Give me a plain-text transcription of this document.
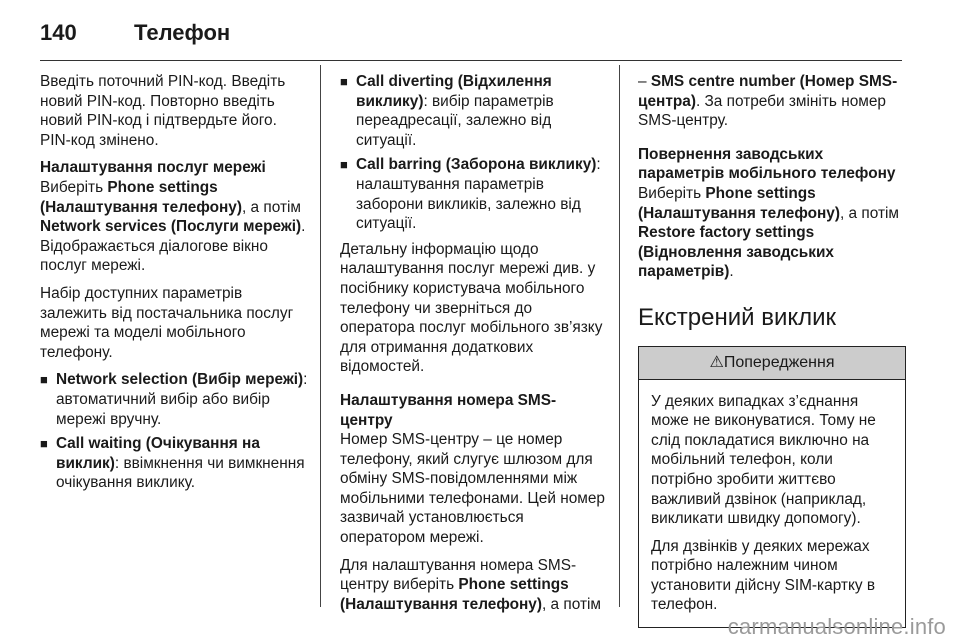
140	Телефон

Введіть поточний PIN-код. Введіть новий PIN-код. Повторно введіть новий PIN-код і підтвердьте його. PIN-код змінено.

Налаштування послуг мережі

Виберіть Phone settings (Налаштування телефону), а потім Network services (Послуги мережі). Відображається діалогове вікно послуг мережі.

Набір доступних параметрів залежить від постачальника послуг мережі та моделі мобільного телефону.

■ Network selection (Вибір мережі): автоматичний вибір або вибір мережі вручну.
■ Call waiting (Очікування на виклик): ввімкнення чи вимкнення очікування виклику.
■ Call diverting (Відхилення виклику): вибір параметрів переадресації, залежно від ситуації.
■ Call barring (Заборона виклику): налаштування параметрів заборони викликів, залежно від ситуації.

Детальну інформацію щодо налаштування послуг мережі див. у посібнику користувача мобільного телефону чи зверніться до оператора послуг мобільного зв’язку для отримання додаткових відомостей.

Налаштування номера SMS-центру

Номер SMS-центру – це номер телефону, який слугує шлюзом для обміну SMS-повідомленнями між мобільними телефонами. Цей номер зазвичай установлюється оператором мережі.

Для налаштування номера SMS-центру виберіть Phone settings (Налаштування телефону), а потім

– SMS centre number (Номер SMS-центра). За потреби змініть номер SMS-центру.

Повернення заводських параметрів мобільного телефону

Виберіть Phone settings (Налаштування телефону), а потім Restore factory settings (Відновлення заводських параметрів).

Екстрений виклик
⚠Попередження

У деяких випадках з’єднання може не виконуватися. Тому не слід покладатися виключно на мобільний телефон, коли потрібно зробити життєво важливий дзвінок (наприклад, викликати швидку допомогу).

Для дзвінків у деяких мережах потрібно належним чином установити дійсну SIM-картку в телефон.

carmanualsonline.info
